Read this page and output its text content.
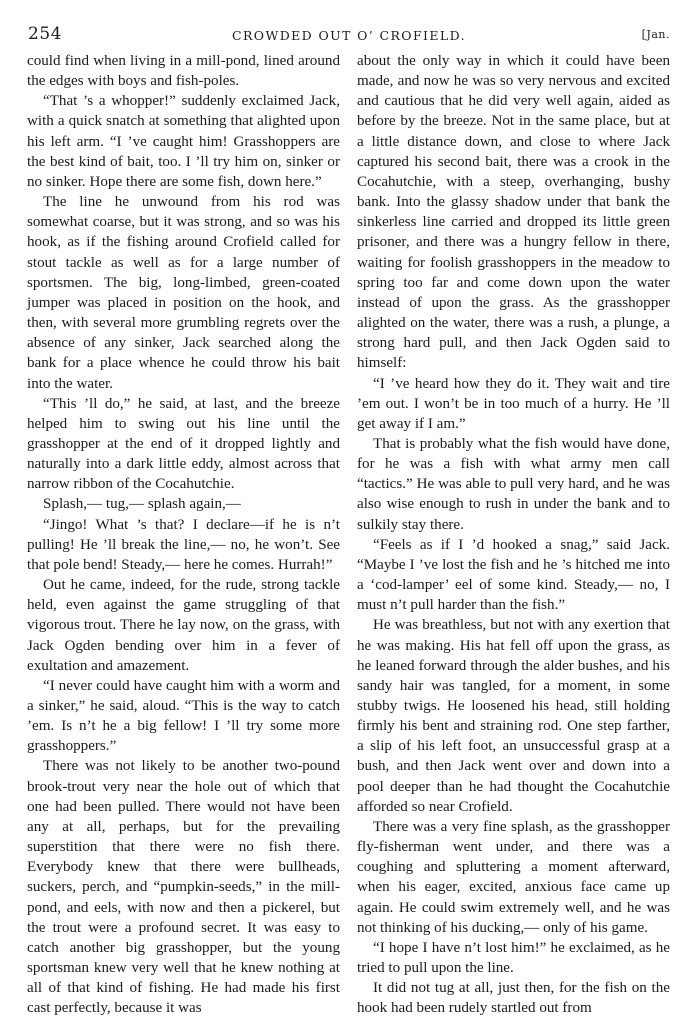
254	CROWDED OUT O’ CROFIELD.	[Jan.

could find when living in a mill-pond, lined around the edges with boys and fish-poles.

“That ’s a whopper!” suddenly exclaimed Jack, with a quick snatch at something that alighted upon his left arm. “I ’ve caught him! Grasshoppers are the best kind of bait, too. I ’ll try him on, sinker or no sinker. Hope there are some fish, down here.”

The line he unwound from his rod was somewhat coarse, but it was strong, and so was his hook, as if the fishing around Crofield called for stout tackle as well as for a large number of sportsmen. The big, long-limbed, green-coated jumper was placed in position on the hook, and then, with several more grumbling regrets over the absence of any sinker, Jack searched along the bank for a place whence he could throw his bait into the water.

“This ’ll do,” he said, at last, and the breeze helped him to swing out his line until the grasshopper at the end of it dropped lightly and naturally into a dark little eddy, almost across that narrow ribbon of the Cocahutchie.

Splash,— tug,— splash again,—

“Jingo! What ’s that? I declare—if he is n’t pulling! He ’ll break the line,— no, he won’t. See that pole bend! Steady,— here he comes. Hurrah!”

Out he came, indeed, for the rude, strong tackle held, even against the game struggling of that vigorous trout. There he lay now, on the grass, with Jack Ogden bending over him in a fever of exultation and amazement.

“I never could have caught him with a worm and a sinker,” he said, aloud. “This is the way to catch ’em. Is n’t he a big fellow! I ’ll try some more grasshoppers.”

There was not likely to be another two-pound brook-trout very near the hole out of which that one had been pulled. There would not have been any at all, perhaps, but for the prevailing superstition that there were no fish there. Everybody knew that there were bullheads, suckers, perch, and “pumpkin-seeds,” in the mill-pond, and eels, with now and then a pickerel, but the trout were a profound secret. It was easy to catch another big grasshopper, but the young sportsman knew very well that he knew nothing at all of that kind of fishing. He had made his first cast perfectly, because it was

about the only way in which it could have been made, and now he was so very nervous and excited and cautious that he did very well again, aided as before by the breeze. Not in the same place, but at a little distance down, and close to where Jack captured his second bait, there was a crook in the Cocahutchie, with a steep, overhanging, bushy bank. Into the glassy shadow under that bank the sinkerless line carried and dropped its little green prisoner, and there was a hungry fellow in there, waiting for foolish grasshoppers in the meadow to spring too far and come down upon the water instead of upon the grass. As the grasshopper alighted on the water, there was a rush, a plunge, a strong hard pull, and then Jack Ogden said to himself:

“I ’ve heard how they do it. They wait and tire ’em out. I won’t be in too much of a hurry. He ’ll get away if I am.”

That is probably what the fish would have done, for he was a fish with what army men call “tactics.” He was able to pull very hard, and he was also wise enough to rush in under the bank and to sulkily stay there.

“Feels as if I ’d hooked a snag,” said Jack. “Maybe I ’ve lost the fish and he ’s hitched me into a ‘cod-lamper’ eel of some kind. Steady,— no, I must n’t pull harder than the fish.”

He was breathless, but not with any exertion that he was making. His hat fell off upon the grass, as he leaned forward through the alder bushes, and his sandy hair was tangled, for a moment, in some stubby twigs. He loosened his head, still holding firmly his bent and straining rod. One step farther, a slip of his left foot, an unsuccessful grasp at a bush, and then Jack went over and down into a pool deeper than he had thought the Cocahutchie afforded so near Crofield.

There was a very fine splash, as the grasshopper fly-fisherman went under, and there was a coughing and spluttering a moment afterward, when his eager, excited, anxious face came up again. He could swim extremely well, and he was not thinking of his ducking,— only of his game.

“I hope I have n’t lost him!” he exclaimed, as he tried to pull upon the line.

It did not tug at all, just then, for the fish on the hook had been rudely startled out from
